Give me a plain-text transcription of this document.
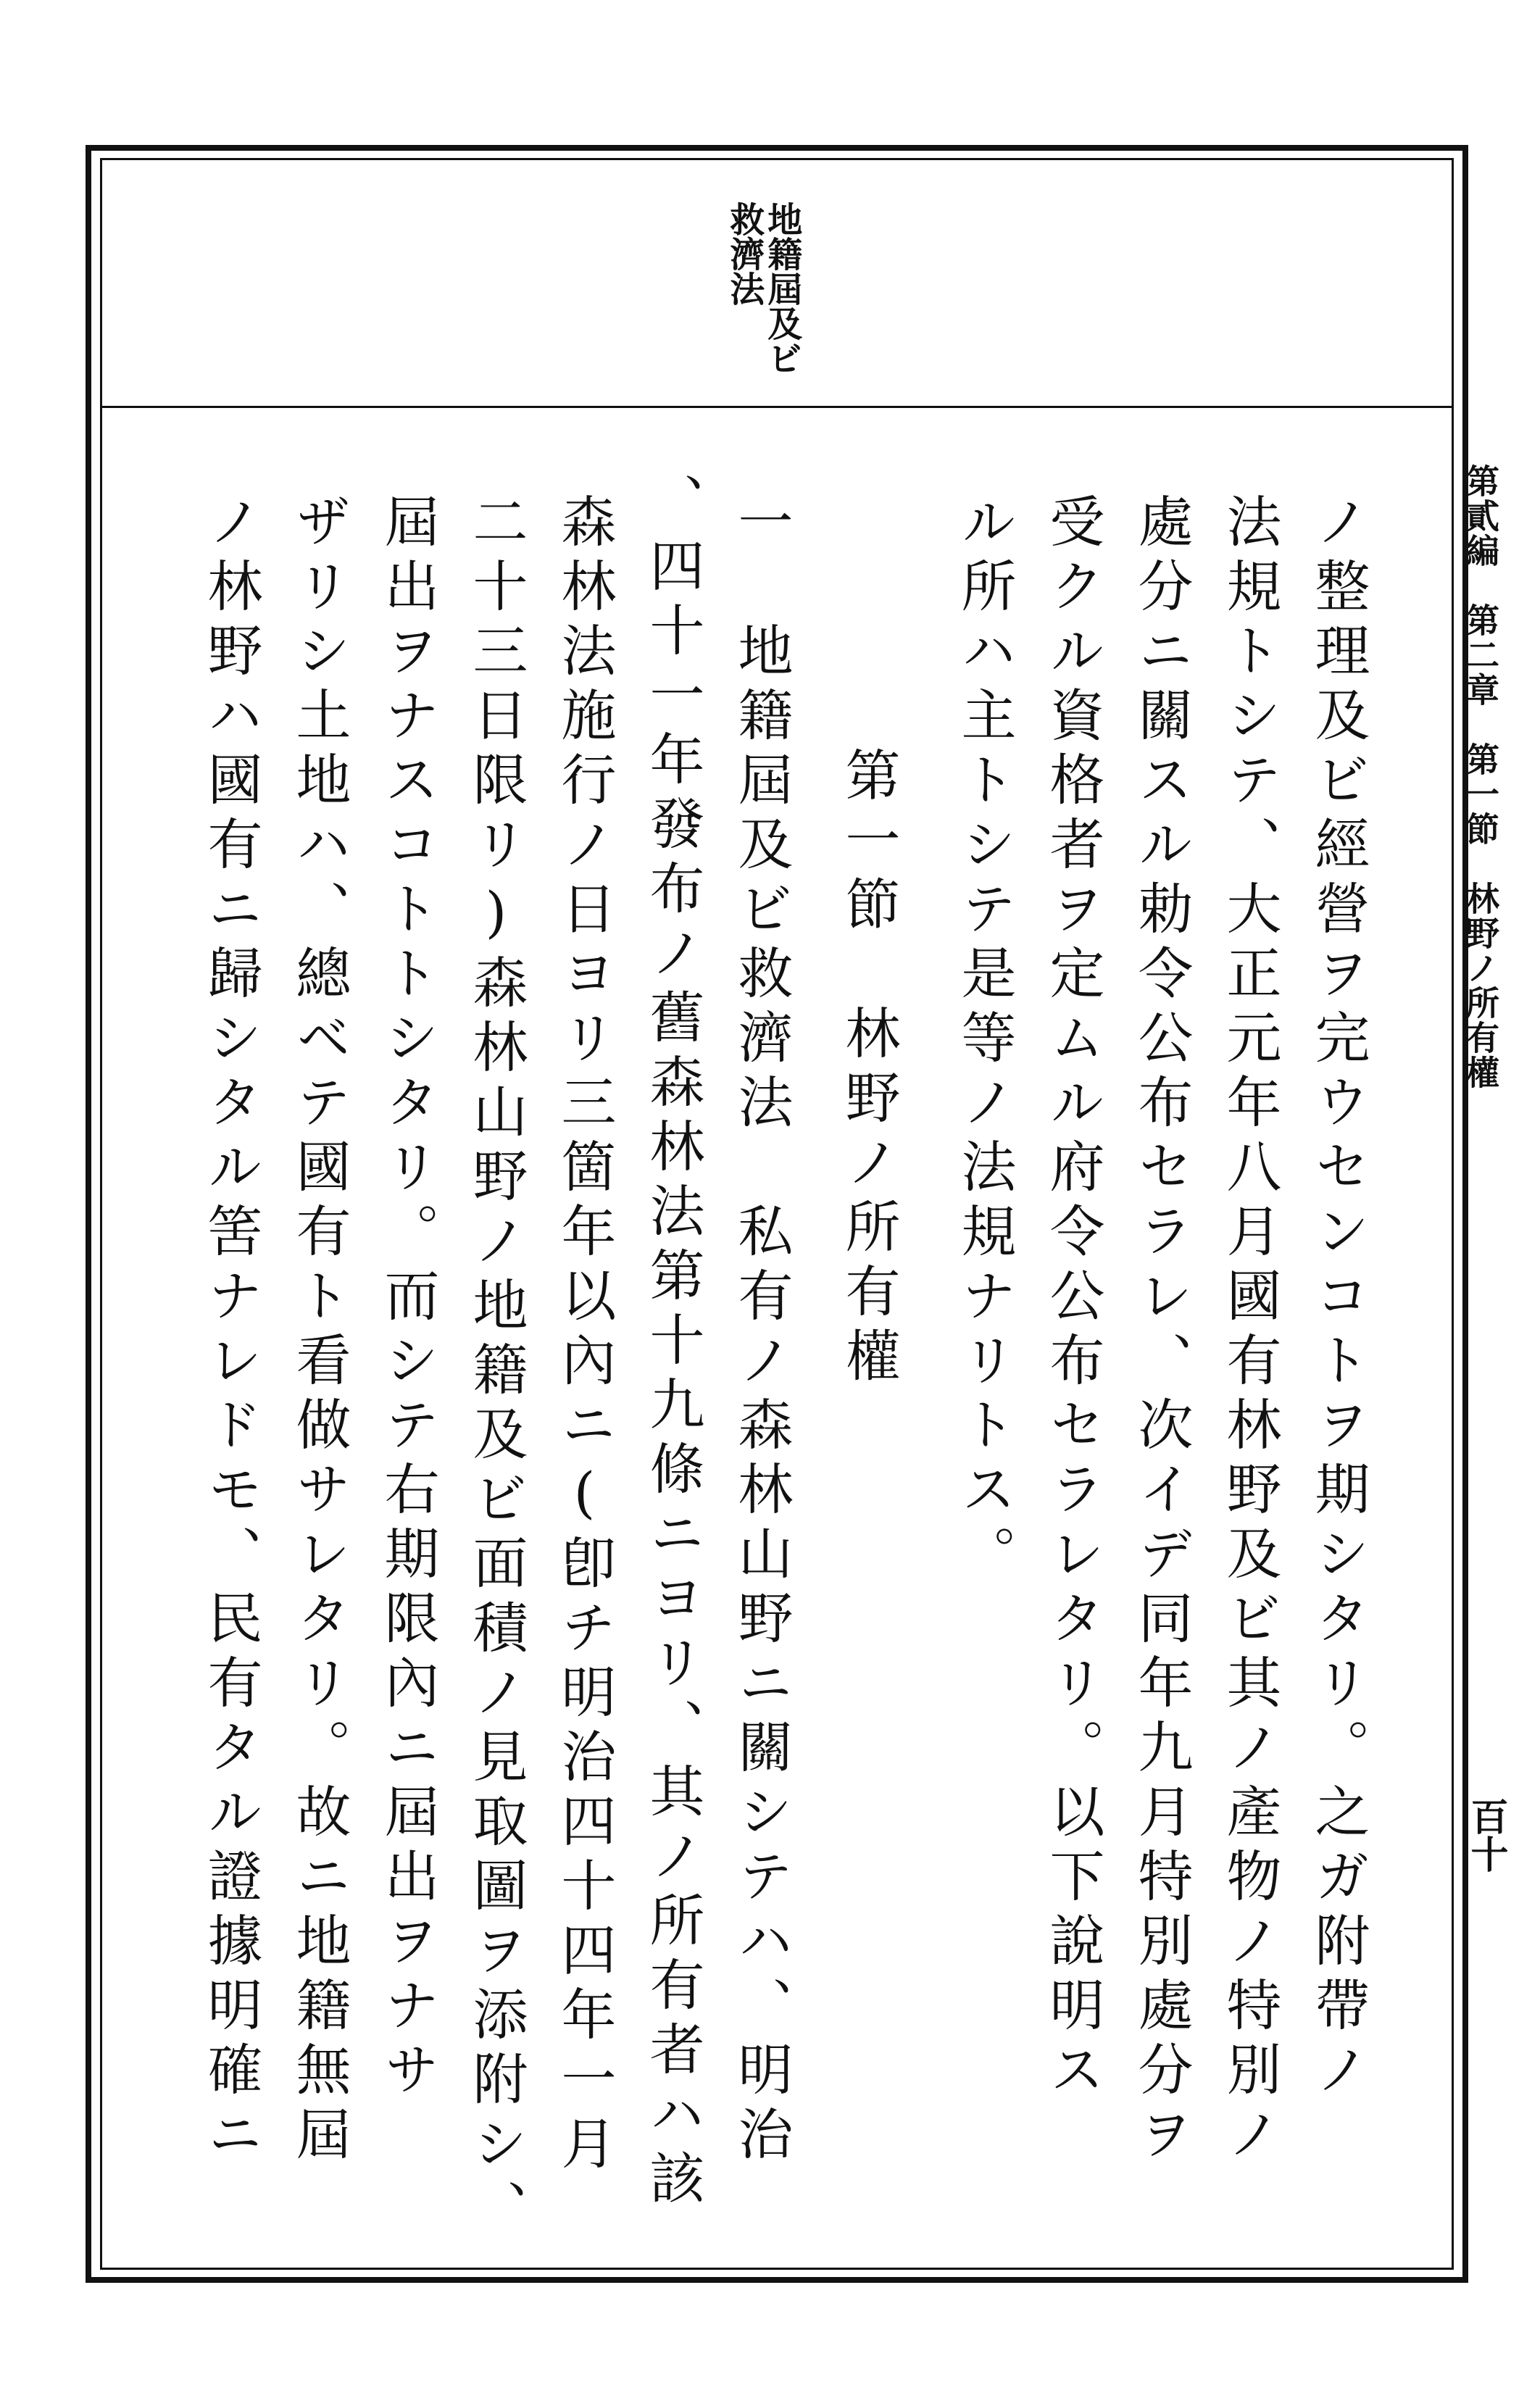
地籍屆及ビ
救濟法
第貳編　第二章　第一節　林野ノ所有權
百十
ノ整理及ビ經營ヲ完ウセンコトヲ期シタリ。之ガ附帶ノ
法規トシテ、大正元年八月國有林野及ビ其ノ產物ノ特別ノ
處分ニ關スル勅令公布セラレ、次イデ同年九月特別處分ヲ
受クル資格者ヲ定ムル府令公布セラレタリ。以下說明ス
ル所ハ主トシテ是等ノ法規ナリトス。
第一節　林野ノ所有權
一　地籍屆及ビ救濟法　私有ノ森林山野ニ關シテハ、明治
、四十一年發布ノ舊森林法第十九條ニヨリ、其ノ所有者ハ該
森林法施行ノ日ヨリ三箇年以內ニ(卽チ明治四十四年一月
二十三日限リ)森林山野ノ地籍及ビ面積ノ見取圖ヲ添附シ、
屆出ヲナスコトトシタリ。而シテ右期限內ニ屆出ヲナサ
ザリシ土地ハ、總ベテ國有ト看做サレタリ。故ニ地籍無屆
ノ林野ハ國有ニ歸シタル筈ナレドモ、民有タル證據明確ニ
